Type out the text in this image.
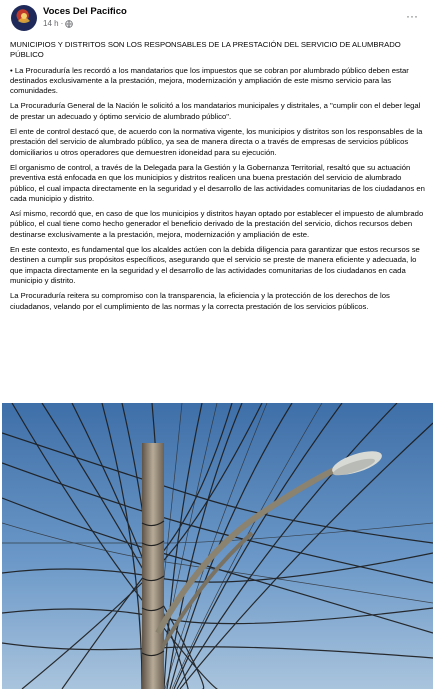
Voces Del Pacifico
14 h ·
···

MUNICIPIOS Y DISTRITOS SON LOS RESPONSABLES DE LA PRESTACIÓN DEL SERVICIO DE ALUMBRADO PÚBLICO

• La Procuraduría les recordó a los mandatarios que los impuestos que se cobran por alumbrado público deben estar destinados exclusivamente a la prestación, mejora, modernización y ampliación de este mismo servicio para las comunidades.

La Procuraduría General de la Nación le solicitó a los mandatarios municipales y distritales, a "cumplir con el deber legal de prestar un adecuado y óptimo servicio de alumbrado público".

El ente de control destacó que, de acuerdo con la normativa vigente, los municipios y distritos son los responsables de la prestación del servicio de alumbrado público, ya sea de manera directa o a través de empresas de servicios públicos domiciliarios u otros operadores que demuestren idoneidad para su ejecución.

El organismo de control, a través de la Delegada para la Gestión y la Gobernanza Territorial, resaltó que su actuación preventiva está enfocada en que los municipios y distritos realicen una buena prestación del servicio de alumbrado público, el cual impacta directamente en la seguridad y el desarrollo de las actividades comunitarias de los ciudadanos en cada municipio y distrito.

Así mismo, recordó que, en caso de que los municipios y distritos hayan optado por establecer el impuesto de alumbrado público, el cual tiene como hecho generador el beneficio derivado de la prestación del servicio, dichos recursos deben destinarse exclusivamente a la prestación, mejora, modernización y ampliación de este.

En este contexto, es fundamental que los alcaldes actúen con la debida diligencia para garantizar que estos recursos se destinen a cumplir sus propósitos específicos, asegurando que el servicio se preste de manera eficiente y adecuada, lo que impacta directamente en la seguridad y el desarrollo de las actividades comunitarias de los ciudadanos en cada municipio y distrito.

La Procuraduría reitera su compromiso con la transparencia, la eficiencia y la protección de los derechos de los ciudadanos, velando por el cumplimiento de las normas y la correcta prestación de los servicios públicos.
